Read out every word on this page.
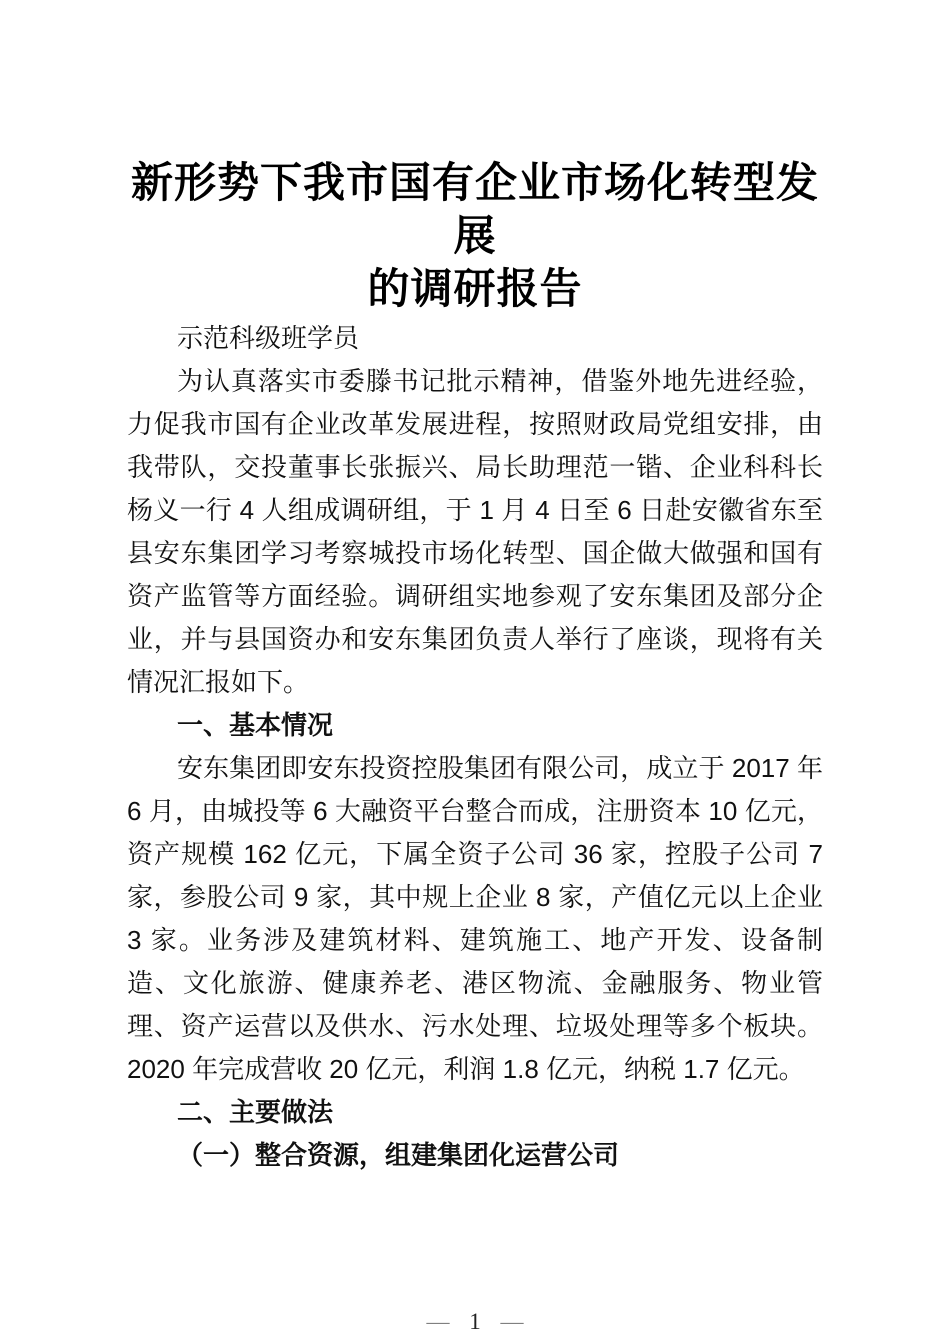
新形势下我市国有企业市场化转型发展
的调研报告

示范科级班学员

为认真落实市委滕书记批示精神，借鉴外地先进经验，力促我市国有企业改革发展进程，按照财政局党组安排，由我带队，交投董事长张振兴、局长助理范一锴、企业科科长杨义一行 4 人组成调研组，于 1 月 4 日至 6 日赴安徽省东至县安东集团学习考察城投市场化转型、国企做大做强和国有资产监管等方面经验。调研组实地参观了安东集团及部分企业，并与县国资办和安东集团负责人举行了座谈，现将有关情况汇报如下。

一、基本情况

安东集团即安东投资控股集团有限公司，成立于 2017 年 6 月，由城投等 6 大融资平台整合而成，注册资本 10 亿元，资产规模 162 亿元，下属全资子公司 36 家，控股子公司 7 家，参股公司 9 家，其中规上企业 8 家，产值亿元以上企业 3 家。业务涉及建筑材料、建筑施工、地产开发、设备制造、文化旅游、健康养老、港区物流、金融服务、物业管理、资产运营以及供水、污水处理、垃圾处理等多个板块。2020 年完成营收 20 亿元，利润 1.8 亿元，纳税 1.7 亿元。

二、主要做法

（一）整合资源，组建集团化运营公司

— 1 —
